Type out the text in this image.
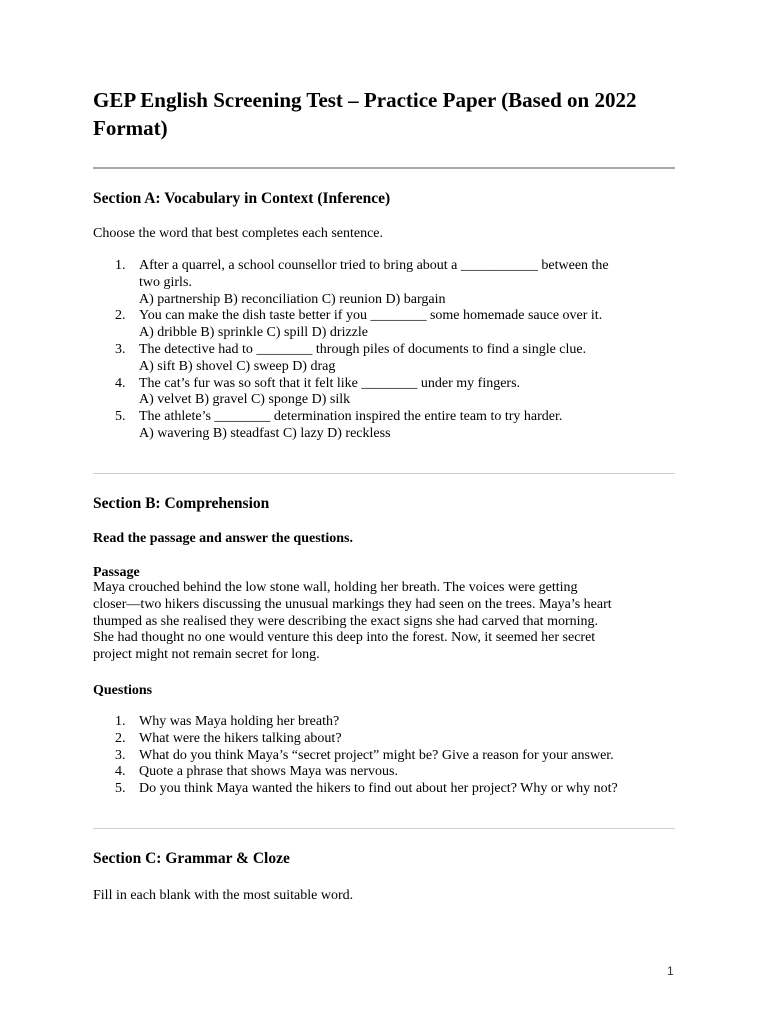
GEP English Screening Test – Practice Paper (Based on 2022 Format)
Section A: Vocabulary in Context (Inference)

Choose the word that best completes each sentence.

1. After a quarrel, a school counsellor tried to bring about a ___________ between the
two girls.
A) partnership B) reconciliation C) reunion D) bargain
2. You can make the dish taste better if you ________ some homemade sauce over it.
A) dribble B) sprinkle C) spill D) drizzle
3. The detective had to ________ through piles of documents to find a single clue.
A) sift B) shovel C) sweep D) drag
4. The cat’s fur was so soft that it felt like ________ under my fingers.
A) velvet B) gravel C) sponge D) silk
5. The athlete’s ________ determination inspired the entire team to try harder.
A) wavering B) steadfast C) lazy D) reckless
Section B: Comprehension

Read the passage and answer the questions.

Passage

Maya crouched behind the low stone wall, holding her breath. The voices were getting
closer—two hikers discussing the unusual markings they had seen on the trees. Maya’s heart
thumped as she realised they were describing the exact signs she had carved that morning.
She had thought no one would venture this deep into the forest. Now, it seemed her secret
project might not remain secret for long.

Questions

1. Why was Maya holding her breath?
2. What were the hikers talking about?
3. What do you think Maya’s “secret project” might be? Give a reason for your answer.
4. Quote a phrase that shows Maya was nervous.
5. Do you think Maya wanted the hikers to find out about her project? Why or why not?
Section C: Grammar & Cloze

Fill in each blank with the most suitable word.

1
